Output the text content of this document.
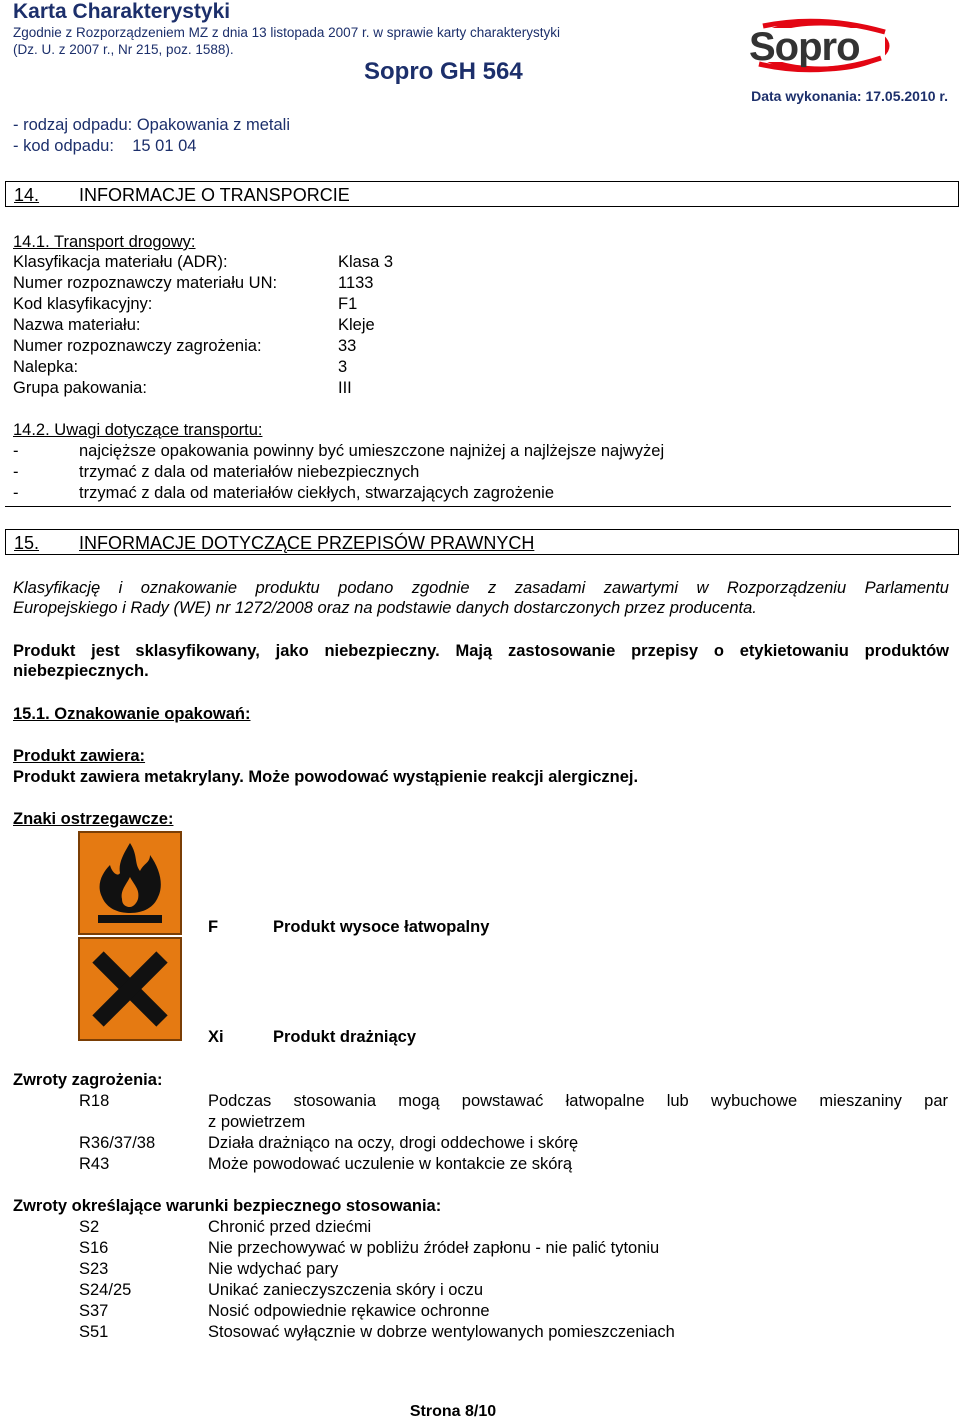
Karta Charakterystyki
Zgodnie z Rozporządzeniem MZ z dnia 13 listopada 2007 r. w sprawie karty charakterystyki
(Dz. U. z 2007 r., Nr 215, poz. 1588).
Sopro GH 564
Data wykonania: 17.05.2010 r.
Sopro
- rodzaj odpadu: Opakowania z metali
- kod odpadu:    15 01 04
14. INFORMACJE O TRANSPORCIE
14.1. Transport drogowy:
Klasyfikacja materiału (ADR):	Klasa 3
Numer rozpoznawczy materiału UN:	1133
Kod klasyfikacyjny:	F1
Nazwa materiału:	Kleje
Numer rozpoznawczy zagrożenia:	33
Nalepka:	3
Grupa pakowania:	III
14.2. Uwagi dotyczące transportu:
-	najcięższe opakowania powinny być umieszczone najniżej a najlżejsze najwyżej
-	trzymać z dala od materiałów niebezpiecznych
-	trzymać z dala od materiałów ciekłych, stwarzających zagrożenie
15. INFORMACJE DOTYCZĄCE PRZEPISÓW PRAWNYCH
Klasyfikację i oznakowanie produktu podano zgodnie z zasadami zawartymi w Rozporządzeniu Parlamentu
Europejskiego i Rady (WE) nr 1272/2008 oraz na podstawie danych dostarczonych przez producenta.
Produkt jest sklasyfikowany, jako niebezpieczny. Mają zastosowanie przepisy o etykietowaniu produktów
niebezpiecznych.
15.1. Oznakowanie opakowań:
Produkt zawiera:
Produkt zawiera metakrylany. Może powodować wystąpienie reakcji alergicznej.
Znaki ostrzegawcze:
F	Produkt wysoce łatwopalny
Xi	Produkt drażniący
Zwroty zagrożenia:
R18	Podczas stosowania mogą powstawać łatwopalne lub wybuchowe mieszaniny par
z powietrzem
R36/37/38	Działa drażniąco na oczy, drogi oddechowe i skórę
R43	Może powodować uczulenie w kontakcie ze skórą
Zwroty określające warunki bezpiecznego stosowania:
S2	Chronić przed dziećmi
S16	Nie przechowywać w pobliżu źródeł zapłonu - nie palić tytoniu
S23	Nie wdychać pary
S24/25	Unikać zanieczyszczenia skóry i oczu
S37	Nosić odpowiednie rękawice ochronne
S51	Stosować wyłącznie w dobrze wentylowanych pomieszczeniach
Strona 8/10
